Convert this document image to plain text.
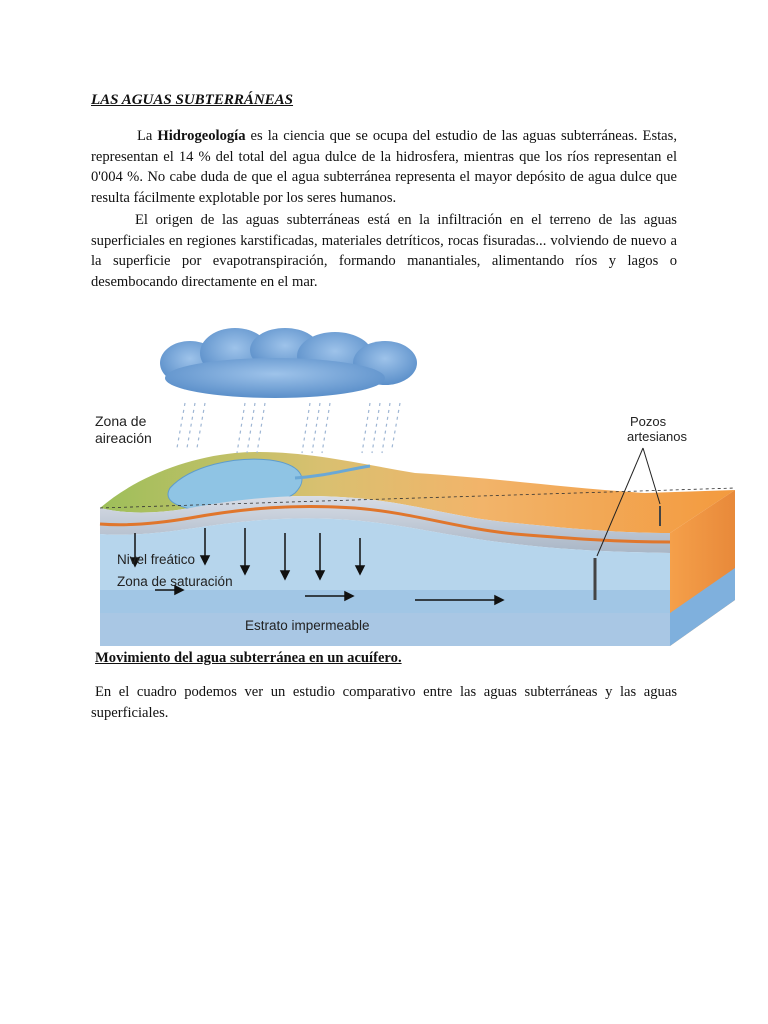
LAS AGUAS SUBTERRÁNEAS

La Hidrogeología es la ciencia que se ocupa del estudio de las aguas subterráneas. Estas, representan el 14 % del total del agua dulce de la hidrosfera, mientras que los ríos representan el 0'004 %. No cabe duda de que el agua subterránea representa el mayor depósito de agua dulce que resulta fácilmente explotable por los seres humanos.

El origen de las aguas subterráneas está en la infiltración en el terreno de las aguas superficiales en regiones karstificadas, materiales detríticos, rocas fisuradas... volviendo de nuevo a la superficie por evapotranspiración, formando manantiales, alimentando ríos y lagos o desembocando directamente en el mar.

Zona de
aireación
Pozos
artesianos
Nivel freático
Zona de saturación
Estrato impermeable
Movimiento del agua subterránea en un acuífero.

En el cuadro podemos ver un estudio comparativo entre las aguas subterráneas y las aguas superficiales.
